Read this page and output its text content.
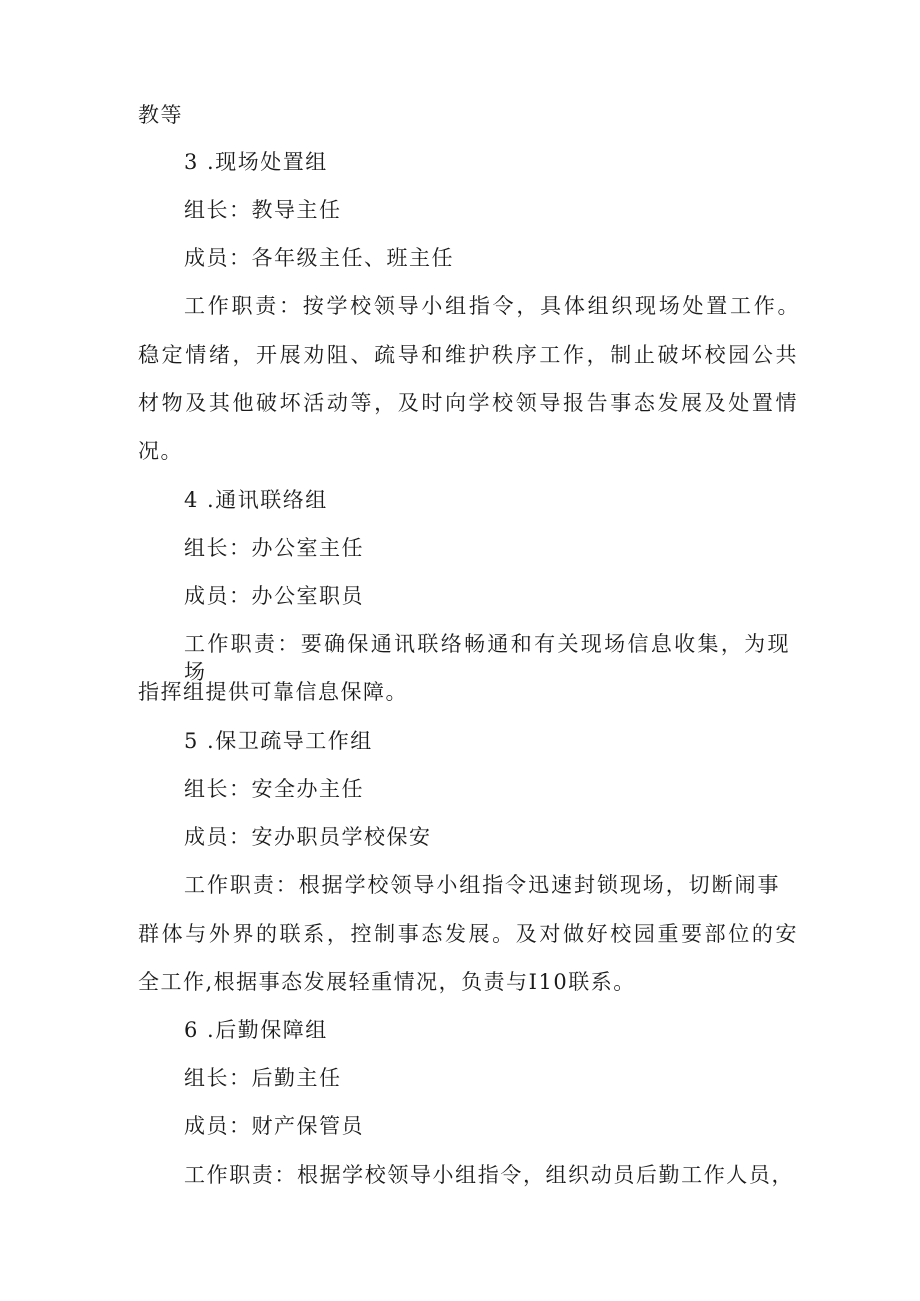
教等
3 .现场处置组
组长：教导主任
成员：各年级主任、班主任
工作职责：按学校领导小组指令，具体组织现场处置工作。
稳定情绪，开展劝阻、疏导和维护秩序工作，制止破坏校园公共
材物及其他破坏活动等，及时向学校领导报告事态发展及处置情
况。
4 .通讯联络组
组长：办公室主任
成员：办公室职员
工作职责：要确保通讯联络畅通和有关现场信息收集，为现场
指挥组提供可靠信息保障。
5 .保卫疏导工作组
组长：安全办主任
成员：安办职员学校保安
工作职责：根据学校领导小组指令迅速封锁现场，切断闹事
群体与外界的联系，控制事态发展。及对做好校园重要部位的安
全工作,根据事态发展轻重情况，负责与I10联系。
6 .后勤保障组
组长：后勤主任
成员：财产保管员
工作职责：根据学校领导小组指令，组织动员后勤工作人员，
